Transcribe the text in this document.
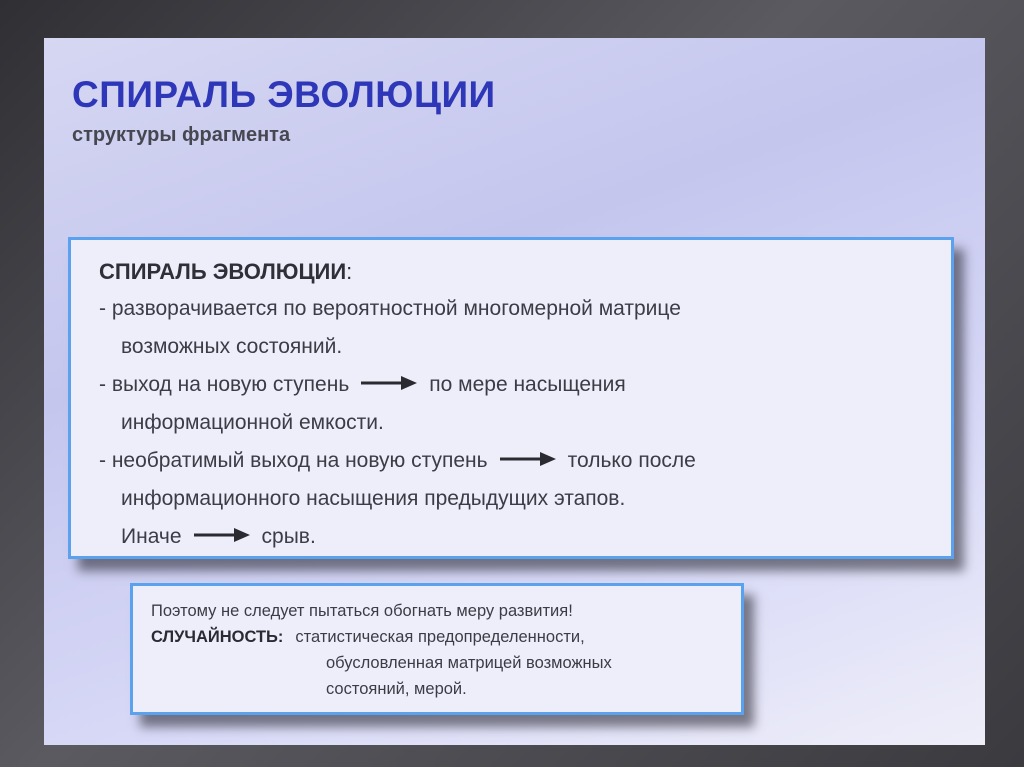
СПИРАЛЬ ЭВОЛЮЦИИ
структуры фрагмента
СПИРАЛЬ ЭВОЛЮЦИИ:
- разворачивается по вероятностной многомерной матрице
возможных состояний.
- выход на новую ступень	по мере насыщения
информационной емкости.
- необратимый выход на новую ступень	только после
информационного насыщения предыдущих этапов.
Иначе	срыв.
Поэтому не следует пытаться обогнать меру развития!
СЛУЧАЙНОСТЬ: статистическая предопределенности,
обусловленная матрицей возможных
состояний, мерой.
